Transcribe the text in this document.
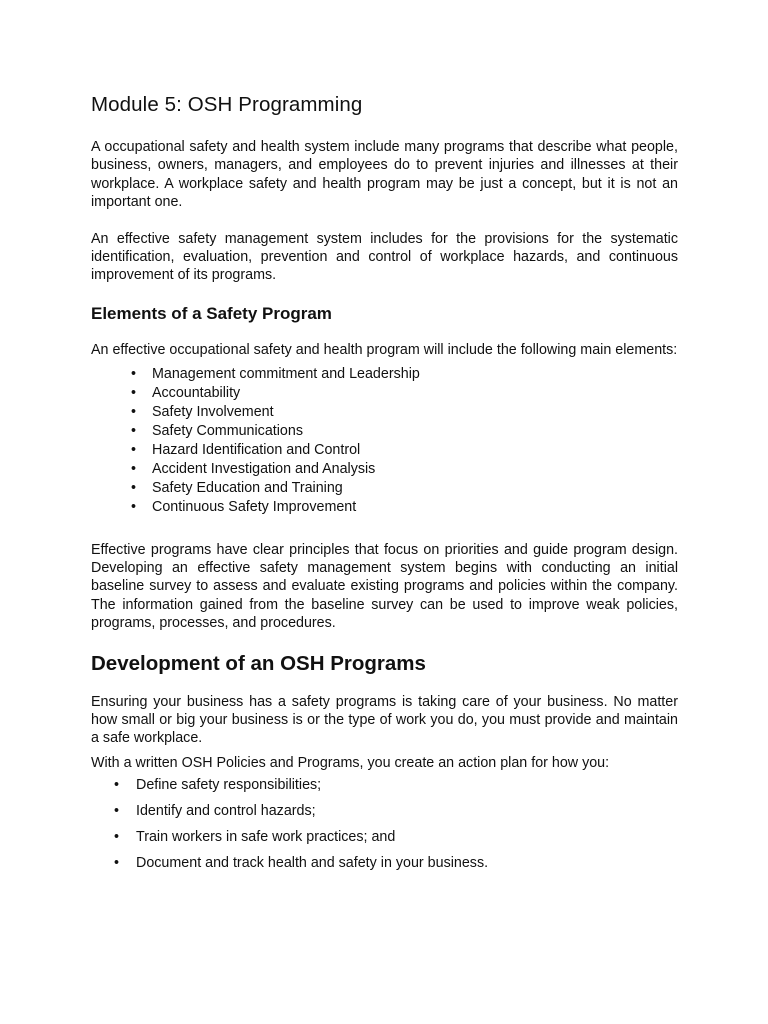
Module 5: OSH Programming

A occupational safety and health system include many programs that describe what people, business, owners, managers, and employees do to prevent injuries and illnesses at their workplace. A workplace safety and health program may be just a concept, but it is not an important one.

An effective safety management system includes for the provisions for the systematic identification, evaluation, prevention and control of workplace hazards, and continuous improvement of its programs.

Elements of a Safety Program

An effective occupational safety and health program will include the following main elements:

• Management commitment and Leadership
• Accountability
• Safety Involvement
• Safety Communications
• Hazard Identification and Control
• Accident Investigation and Analysis
• Safety Education and Training
• Continuous Safety Improvement

Effective programs have clear principles that focus on priorities and guide program design. Developing an effective safety management system begins with conducting an initial baseline survey to assess and evaluate existing programs and policies within the company. The information gained from the baseline survey can be used to improve weak policies, programs, processes, and procedures.

Development of an OSH Programs

Ensuring your business has a safety programs is taking care of your business. No matter how small or big your business is or the type of work you do, you must provide and maintain a safe workplace.

With a written OSH Policies and Programs, you create an action plan for how you:

• Define safety responsibilities;
• Identify and control hazards;
• Train workers in safe work practices; and
• Document and track health and safety in your business.
